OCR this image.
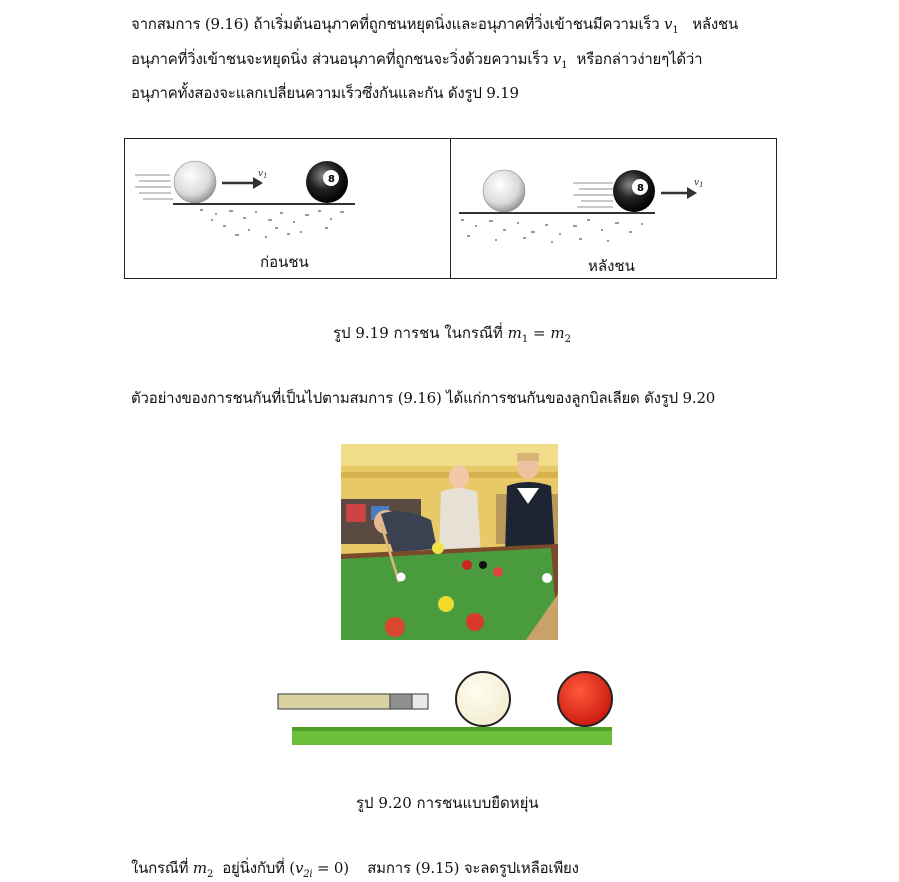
จากสมการ (9.16) ถ้าเริ่มต้นอนุภาคที่ถูกชนหยุดนิ่งและอนุภาคที่วิ่งเข้าชนมีความเร็ว $v_1$ หลังชน
อนุภาคที่วิ่งเข้าชนจะหยุดนิ่ง ส่วนอนุภาคที่ถูกชนจะวิ่งด้วยความเร็ว $v_1$ หรือกล่าวง่ายๆได้ว่า
อนุภาคทั้งสองจะแลกเปลี่ยนความเร็วซึ่งกันและกัน ดังรูป 9.19
$v_1$	8
ก่อนชน
8	$v_1$
หลังชน
รูป 9.19 การชน ในกรณีที่ $m_1 = m_2$
ตัวอย่างของการชนกันที่เป็นไปตามสมการ (9.16) ได้แก่การชนกันของลูกบิลเลียด ดังรูป 9.20
รูป 9.20 การชนแบบยืดหยุ่น
ในกรณีที่ $m_2$ อยู่นิ่งกับที่ $(v_{2i} = 0)$ สมการ (9.15) จะลดรูปเหลือเพียง
